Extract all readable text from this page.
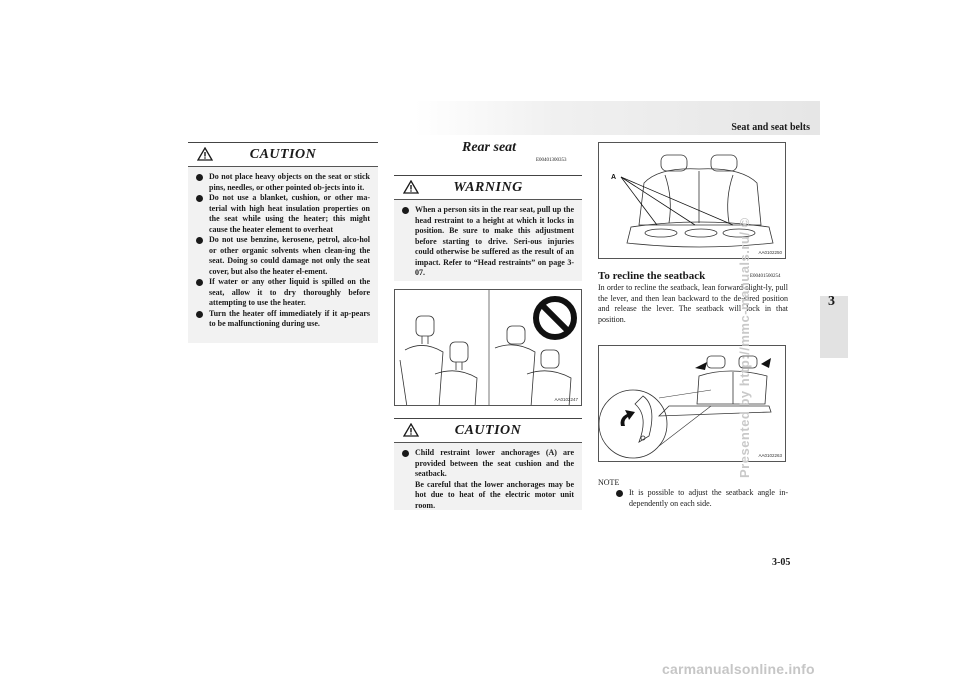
Seat and seat belts
3
CAUTION
Do not place heavy objects on the seat or stick pins, needles, or other pointed ob-jects into it.
Do not use a blanket, cushion, or other ma-terial with high heat insulation properties on the seat while using the heater; this might cause the heater element to overheat
Do not use benzine, kerosene, petrol, alco-hol or other organic solvents when clean-ing the seat. Doing so could damage not only the seat cover, but also the heater el-ement.
If water or any other liquid is spilled on the seat, allow it to dry thoroughly before attempting to use the heater.
Turn the heater off immediately if it ap-pears to be malfunctioning during use.
Rear seat
E00401300353
WARNING
When a person sits in the rear seat, pull up the head restraint to a height at which it locks in position. Be sure to make this adjustment before starting to drive. Seri-ous injuries could otherwise be suffered as the result of an impact. Refer to “Head restraints” on page 3-07.
AA0102247
CAUTION
Child restraint lower anchorages (A) are provided between the seat cushion and the seatback.
Be careful that the lower anchorages may be hot due to heat of the electric motor unit room.
A
AA0102250
To recline the seatback	E00401500254
In order to recline the seatback, lean forward slight-ly, pull the lever, and then lean backward to the de-sired position and release the lever. The seatback will lock in that position.
AA0102263
NOTE
It is possible to adjust the seatback angle in-dependently on each side.
Presented by http://mmc-manuals.ru/ ©
3-05
carmanualsonline.info
